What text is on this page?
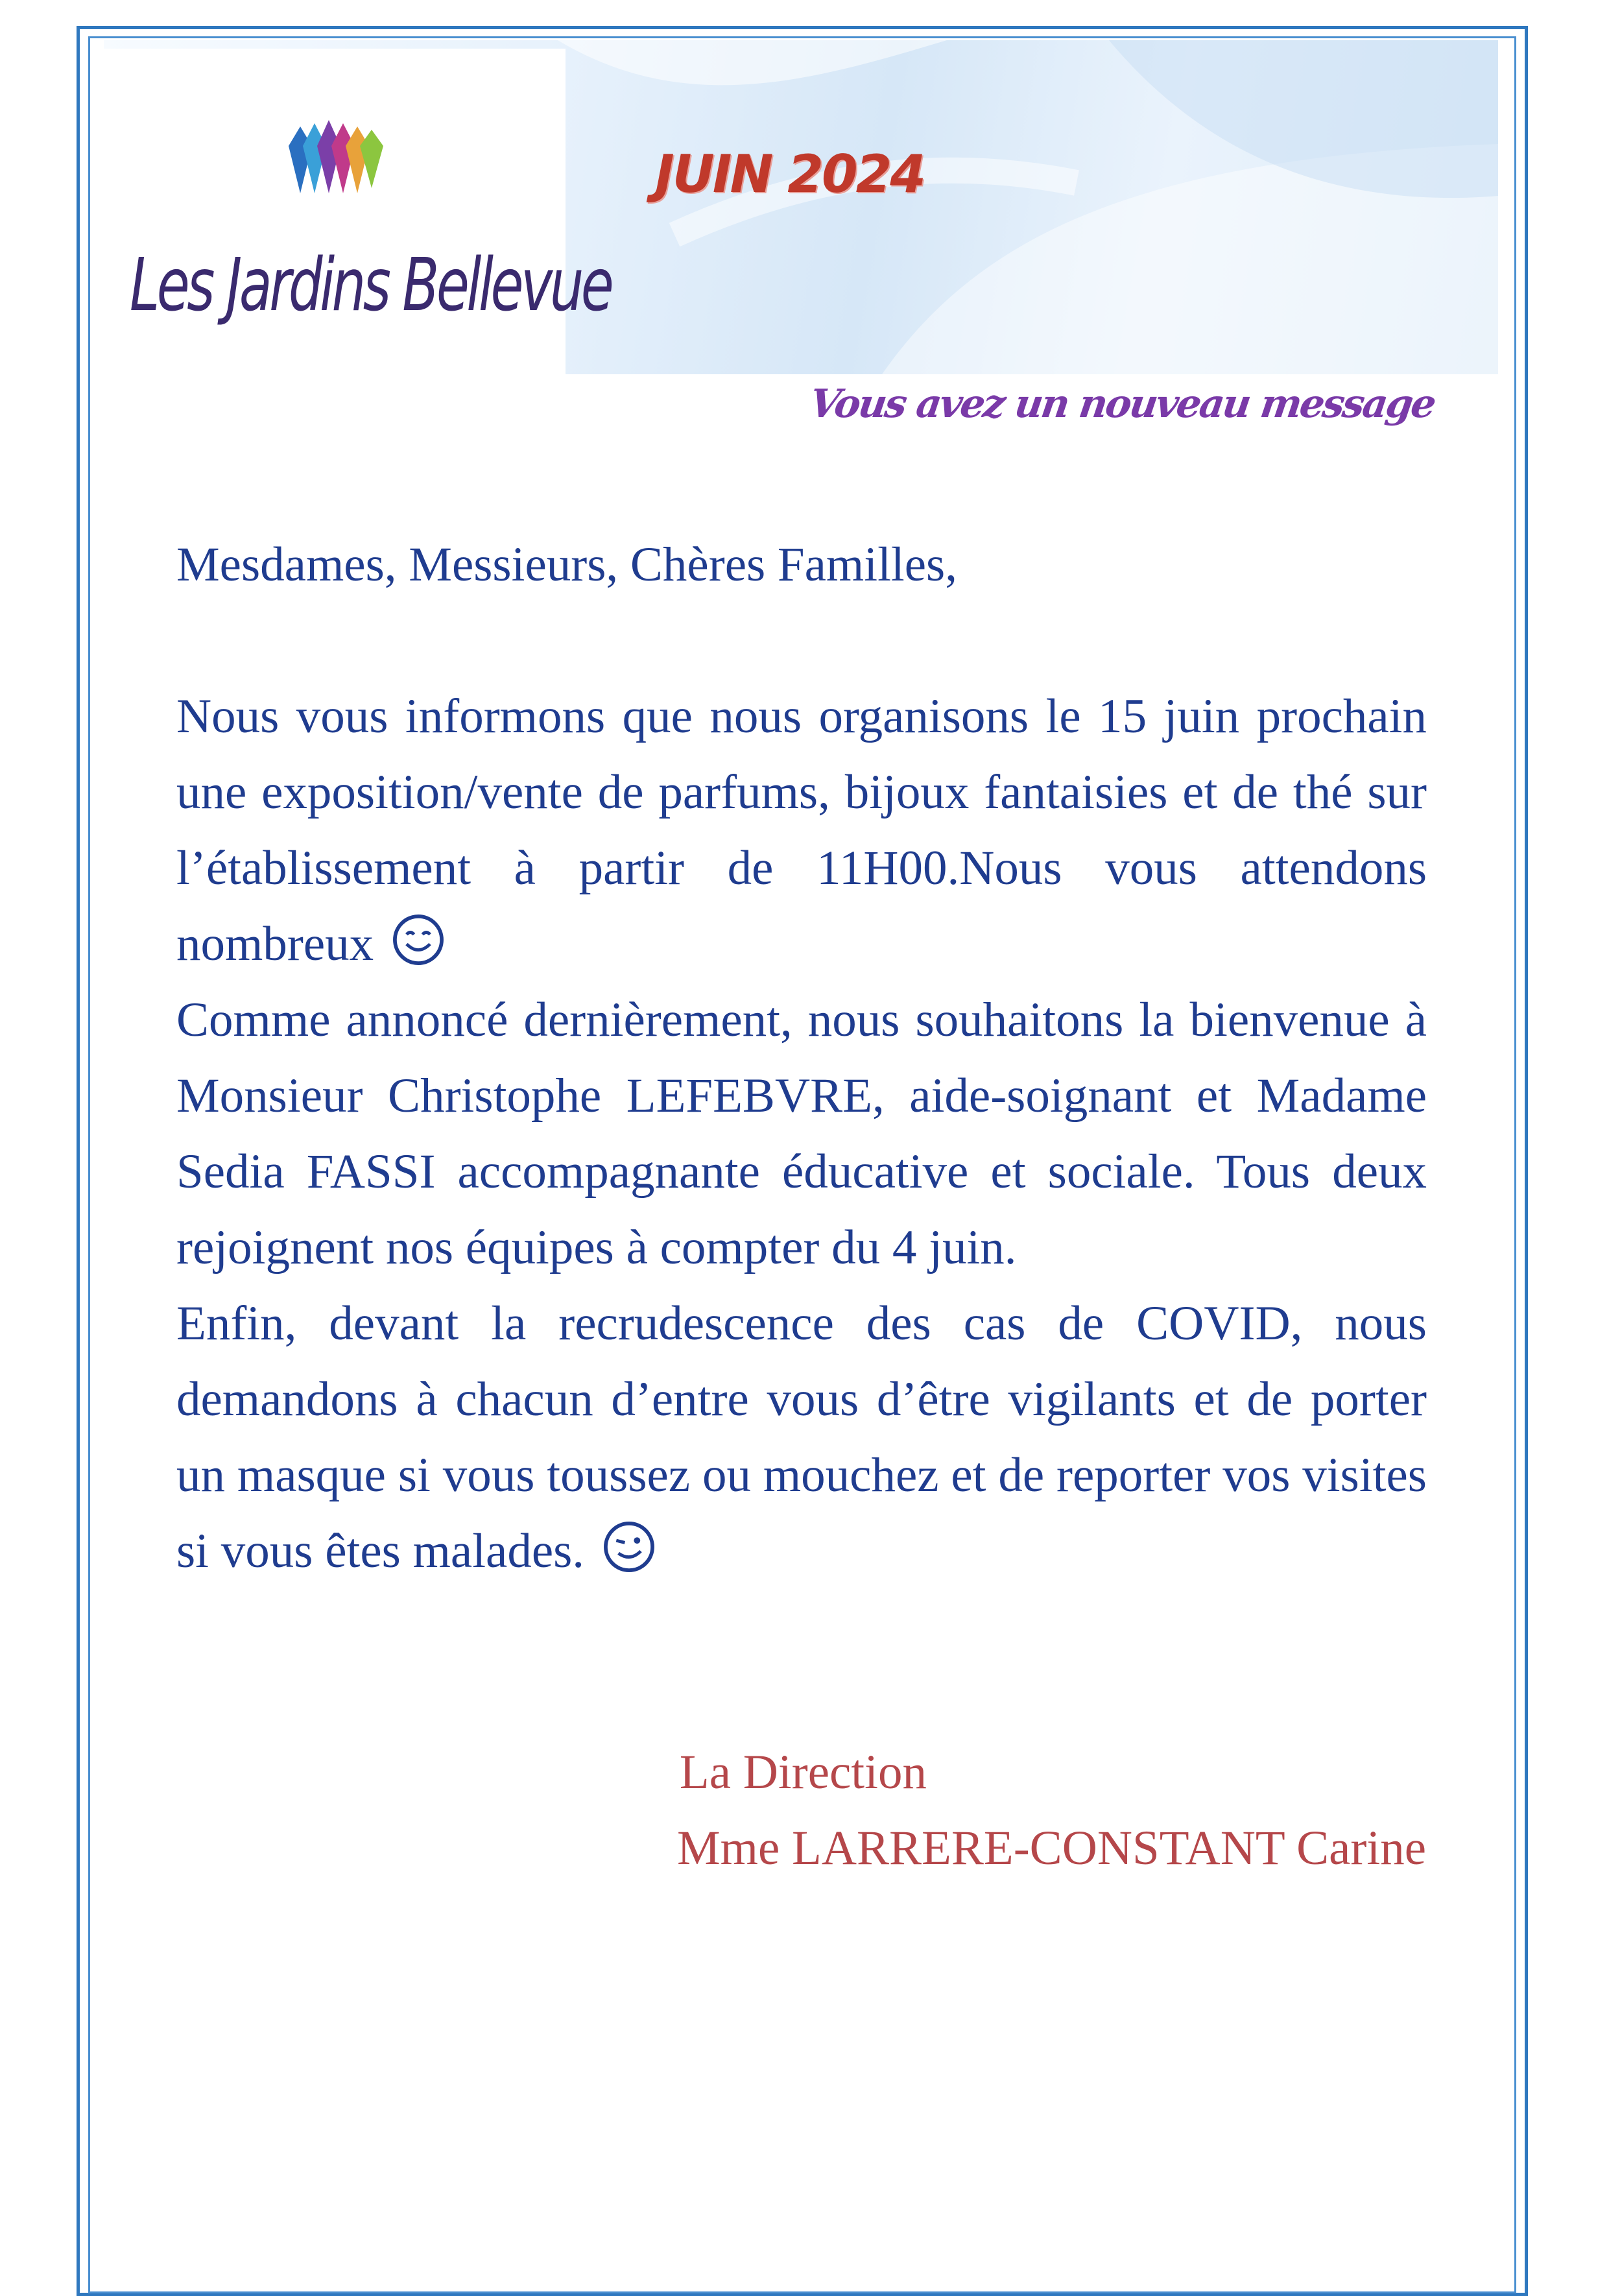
Les Jardins Bellevue
JUIN 2024
Vous avez un nouveau message

Mesdames, Messieurs, Chères Familles,

Nous vous informons que nous organisons le 15 juin prochain une exposition/vente de parfums, bijoux fantaisies et de thé sur l’établissement à partir de 11H00.Nous vous attendons nombreux

Comme annoncé dernièrement, nous souhaitons la bienvenue à Monsieur Christophe LEFEBVRE, aide-soignant et Madame Sedia FASSI accompagnante éducative et sociale. Tous deux rejoignent nos équipes à compter du 4 juin.

Enfin, devant la recrudescence des cas de COVID, nous demandons à chacun d’entre vous d’être vigilants et de porter un masque si vous toussez ou mouchez et de reporter vos visites si vous êtes malades.

La Direction
Mme LARRERE-CONSTANT Carine
